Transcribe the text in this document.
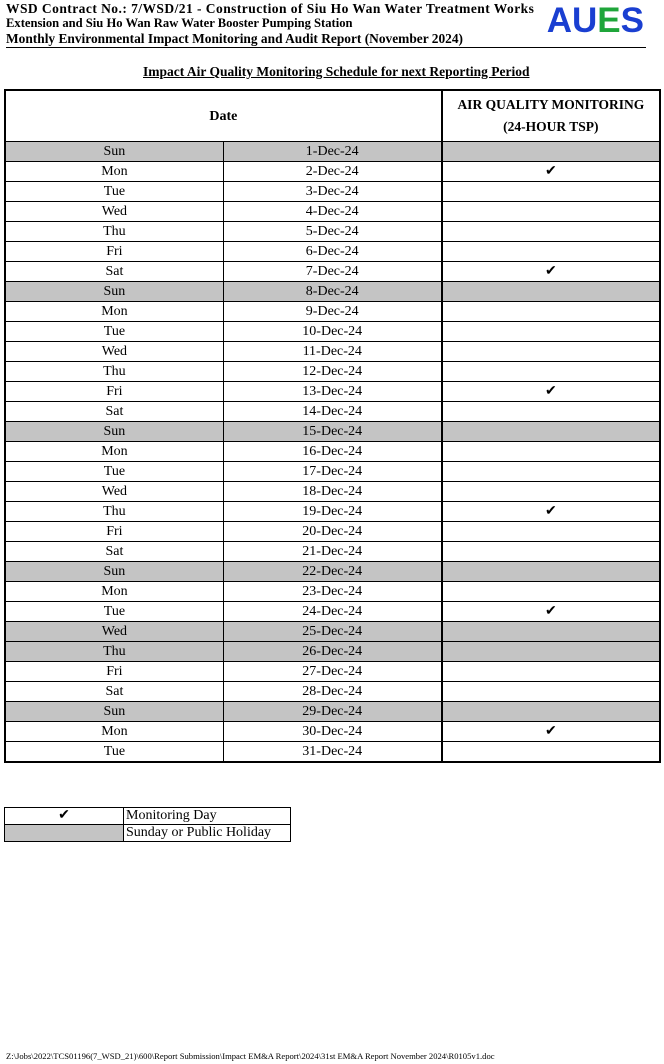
WSD Contract No.: 7/WSD/21 - Construction of Siu Ho Wan Water Treatment Works
Extension and Siu Ho Wan Raw Water Booster Pumping Station
Monthly Environmental Impact Monitoring and Audit Report (November 2024) AUES
Impact Air Quality Monitoring Schedule for next Reporting Period
Date		AIR QUALITY MONITORING
(24-HOUR TSP)

Sun	1-Dec-24	
Mon	2-Dec-24	✔
Tue	3-Dec-24	
Wed	4-Dec-24	
Thu	5-Dec-24	
Fri	6-Dec-24	
Sat	7-Dec-24	✔
Sun	8-Dec-24	
Mon	9-Dec-24	
Tue	10-Dec-24	
Wed	11-Dec-24	
Thu	12-Dec-24	
Fri	13-Dec-24	✔
Sat	14-Dec-24	
Sun	15-Dec-24	
Mon	16-Dec-24	
Tue	17-Dec-24	
Wed	18-Dec-24	
Thu	19-Dec-24	✔
Fri	20-Dec-24	
Sat	21-Dec-24	
Sun	22-Dec-24	
Mon	23-Dec-24	
Tue	24-Dec-24	✔
Wed	25-Dec-24	
Thu	26-Dec-24	
Fri	27-Dec-24	
Sat	28-Dec-24	
Sun	29-Dec-24	
Mon	30-Dec-24	✔
Tue	31-Dec-24	
✔	Monitoring Day
	Sunday or Public Holiday
Z:\Jobs\2022\TCS01196(7_WSD_21)\600\Report Submission\Impact EM&A Report\2024\31st EM&A Report November 2024\R0105v1.doc
